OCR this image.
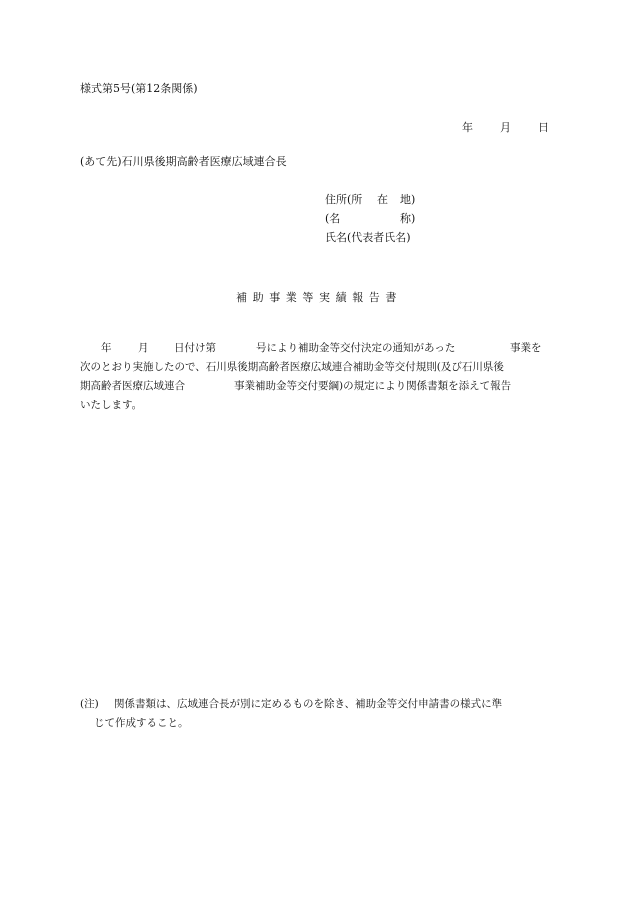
様式第5号(第12条関係)
年 月 日
(あて先)石川県後期高齢者医療広域連合長
住所(所 在 地)
(名	称)
氏名(代表者氏名)
補助事業等実績報告書
年	月 日付け第	号により補助金等交付決定の通知があった	事業を
次のとおり実施したので、石川県後期高齢者医療広域連合補助金等交付規則(及び石川県後
期高齢者医療広域連合	事業補助金等交付要綱)の規定により関係書類を添えて報告
いたします。
(注) 関係書類は、広域連合長が別に定めるものを除き、補助金等交付申請書の様式に準
じて作成すること。
